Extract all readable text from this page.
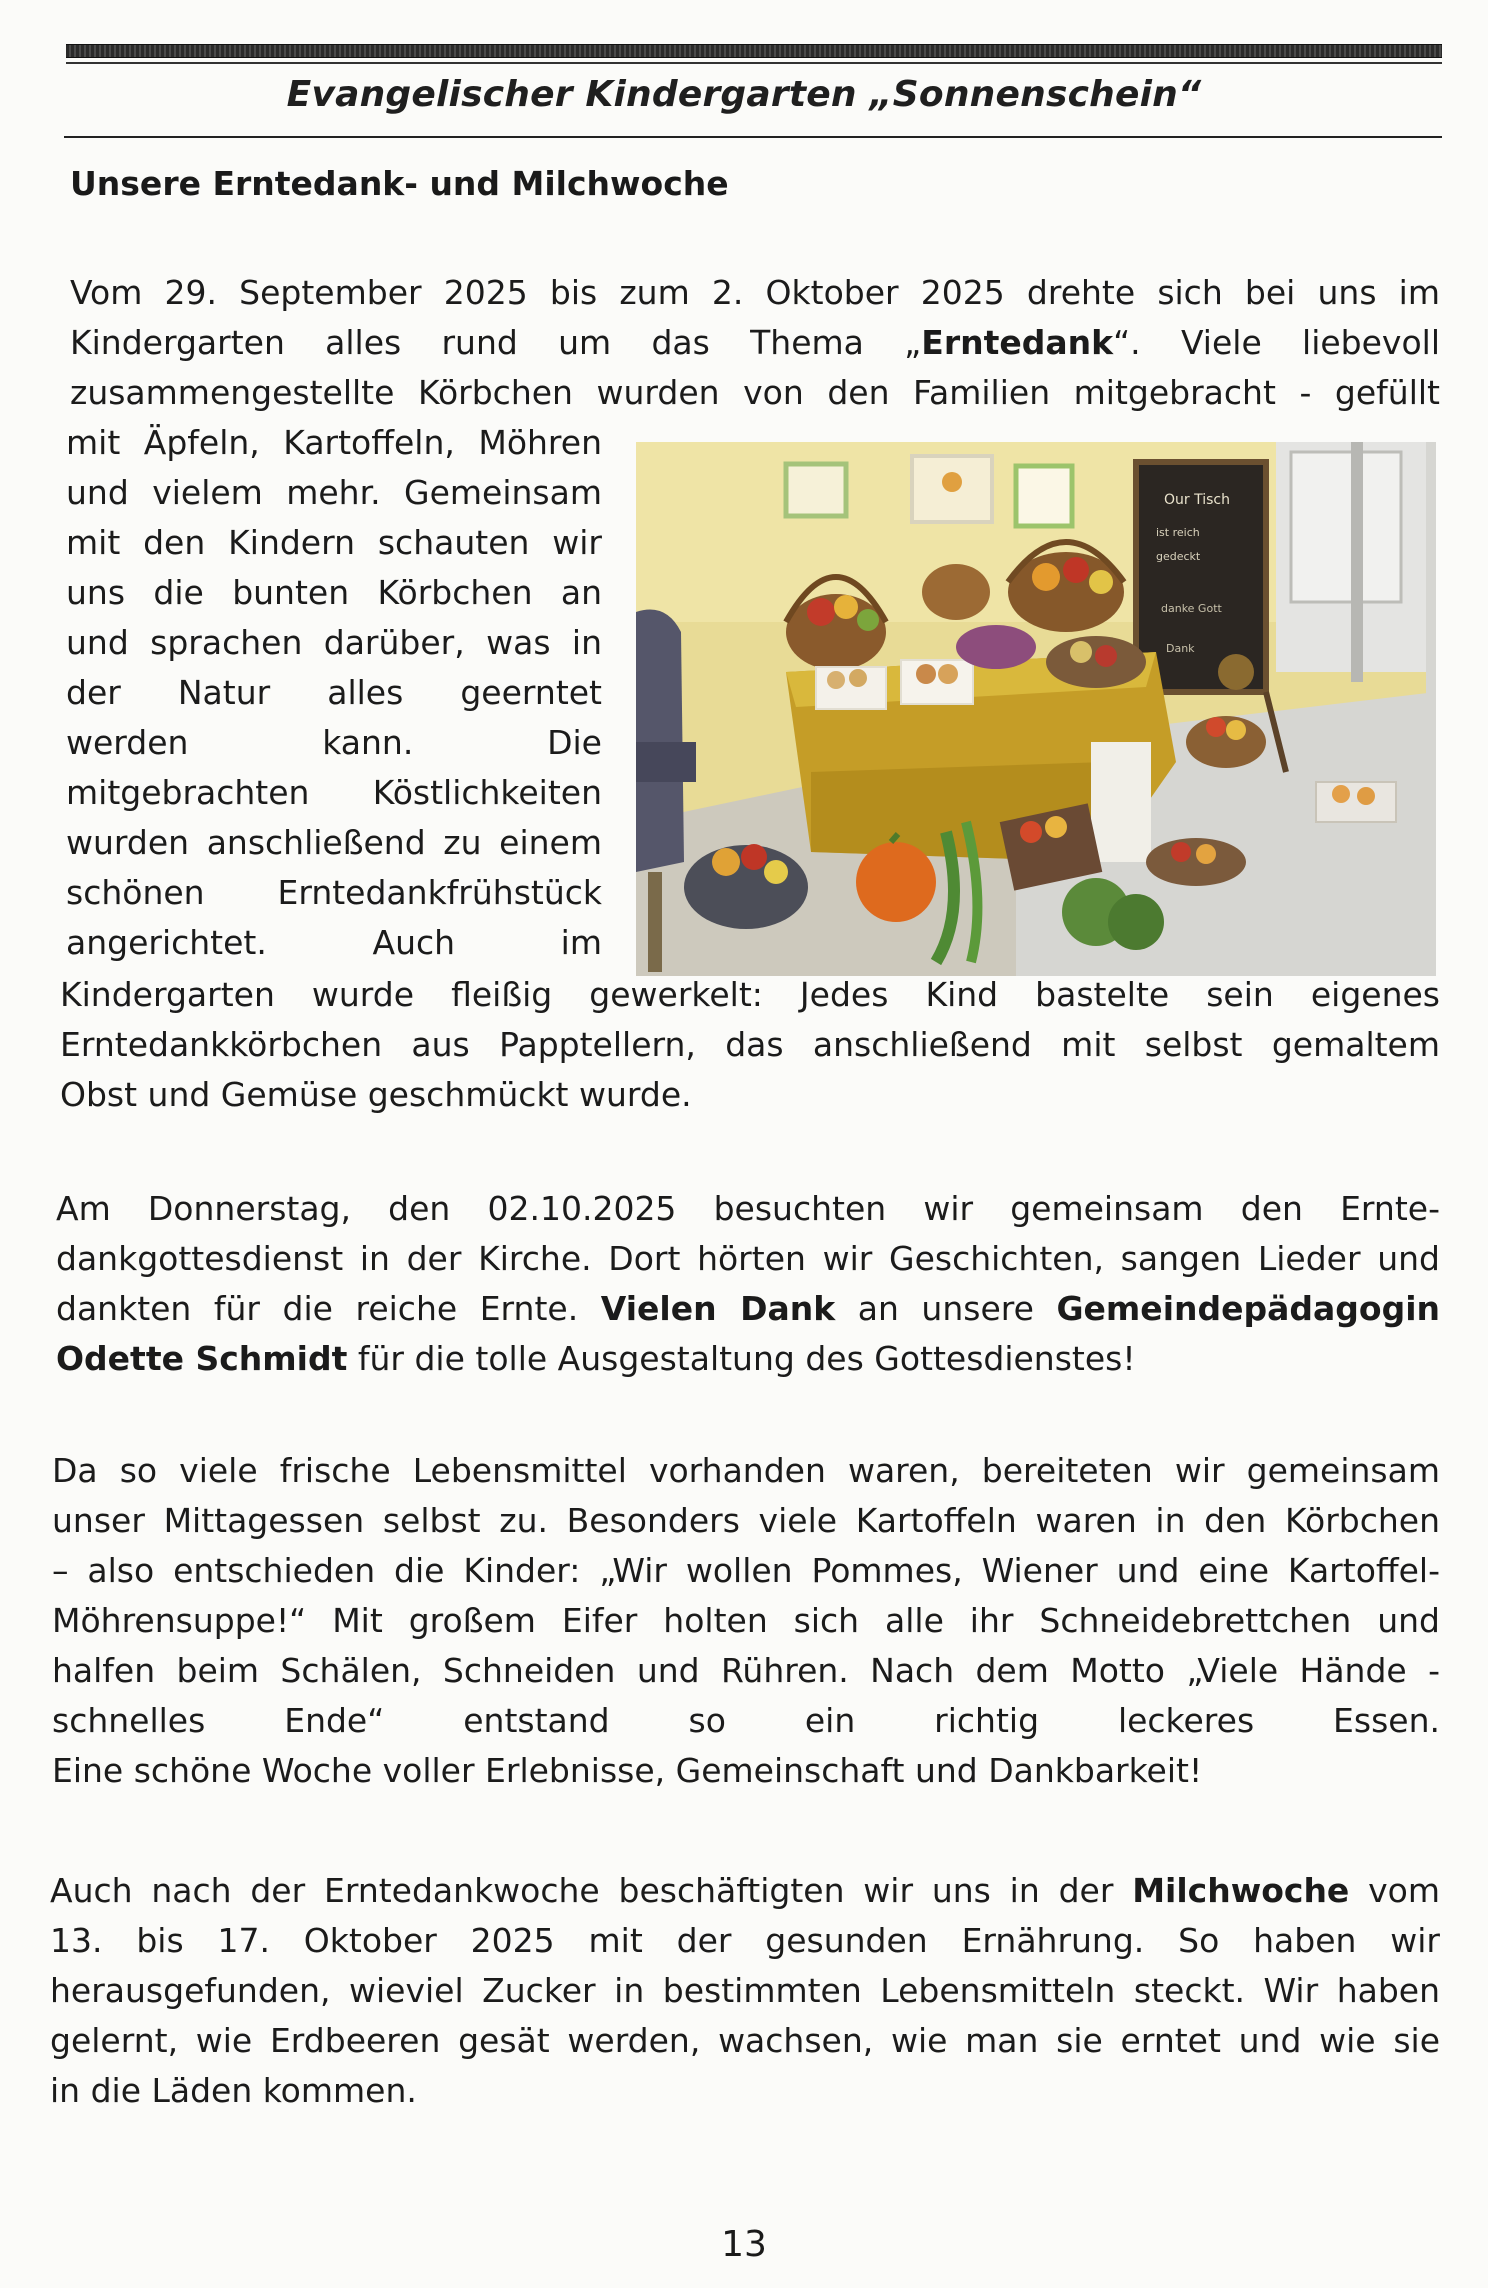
Evangelischer Kindergarten „Sonnenschein“
Unsere Erntedank- und Milchwoche
Vom 29. September 2025 bis zum 2. Oktober 2025 drehte sich bei uns im
Kindergarten alles rund um das Thema „Erntedank“. Viele liebevoll
zusammengestellte Körbchen wurden von den Familien mitgebracht - gefüllt
mit Äpfeln, Kartoffeln, Möhren
und vielem mehr. Gemeinsam
mit den Kindern schauten wir
uns die bunten Körbchen an
und sprachen darüber, was in
der Natur alles geerntet
werden kann. Die
mitgebrachten Köstlichkeiten
wurden anschließend zu einem
schönen Erntedankfrühstück
angerichtet. Auch im
Our Tisch
ist reich
gedeckt
danke Gott
Dank
Kindergarten wurde fleißig gewerkelt: Jedes Kind bastelte sein eigenes
Erntedankkörbchen aus Papptellern, das anschließend mit selbst gemaltem
Obst und Gemüse geschmückt wurde.
Am Donnerstag, den 02.10.2025 besuchten wir gemeinsam den Ernte-
dankgottesdienst in der Kirche. Dort hörten wir Geschichten, sangen Lieder und
dankten für die reiche Ernte. Vielen Dank an unsere Gemeindepädagogin
Odette Schmidt für die tolle Ausgestaltung des Gottesdienstes!
Da so viele frische Lebensmittel vorhanden waren, bereiteten wir gemeinsam
unser Mittagessen selbst zu. Besonders viele Kartoffeln waren in den Körbchen
– also entschieden die Kinder: „Wir wollen Pommes, Wiener und eine Kartoffel-
Möhrensuppe!“ Mit großem Eifer holten sich alle ihr Schneidebrettchen und
halfen beim Schälen, Schneiden und Rühren. Nach dem Motto „Viele Hände -
schnelles Ende“ entstand so ein richtig leckeres Essen.
Eine schöne Woche voller Erlebnisse, Gemeinschaft und Dankbarkeit!
Auch nach der Erntedankwoche beschäftigten wir uns in der Milchwoche vom
13. bis 17. Oktober 2025 mit der gesunden Ernährung. So haben wir
herausgefunden, wieviel Zucker in bestimmten Lebensmitteln steckt. Wir haben
gelernt, wie Erdbeeren gesät werden, wachsen, wie man sie erntet und wie sie
in die Läden kommen.
13
